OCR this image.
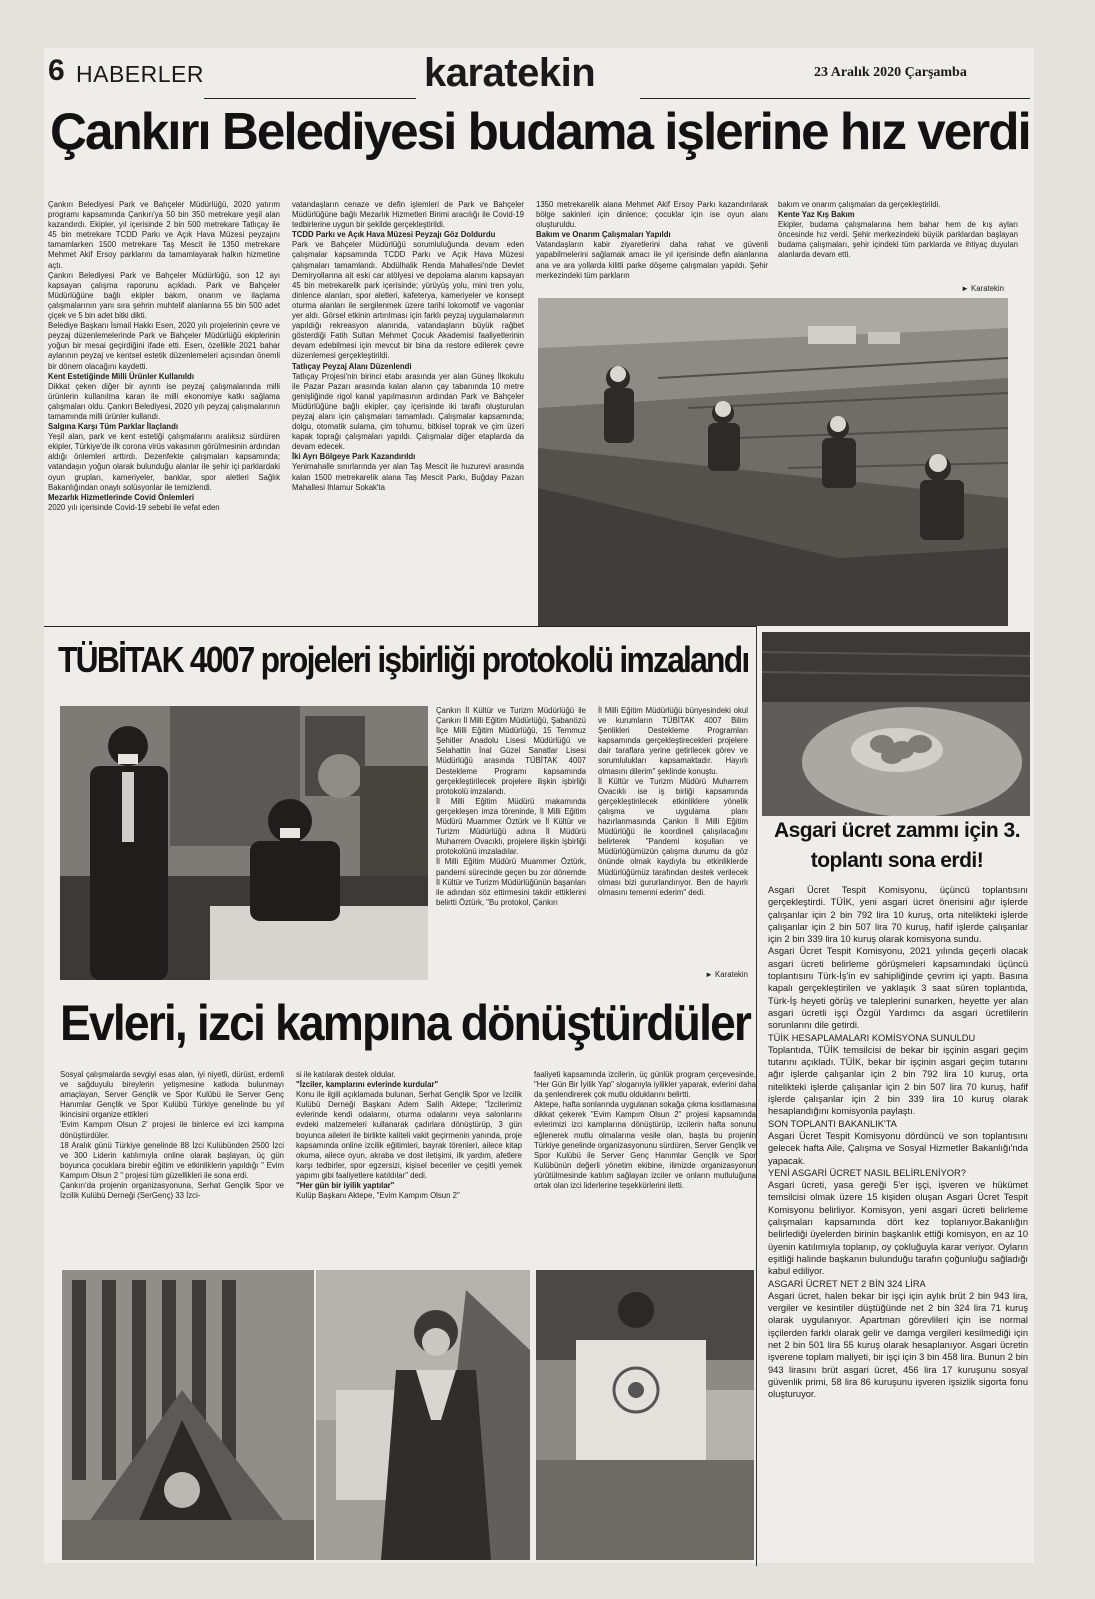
6 HABERLER	karatekin	23 Aralık 2020 Çarşamba
Çankırı Belediyesi budama işlerine hız verdi

Çankırı Belediyesi Park ve Bahçeler Müdürlüğü, 2020 yatırım programı kapsamında Çankırı'ya 50 bin 350 metrekare yeşil alan kazandırdı. Ekipler, yıl içerisinde 2 bin 500 metrekare Tatlıçay ile 45 bin metrekare TCDD Parkı ve Açık Hava Müzesi peyzajını tamamlarken 1500 metrekare Taş Mescit ile 1350 metrekare Mehmet Akif Ersoy parklarını da tamamlayarak halkın hizmetine açtı.

Çankırı Belediyesi Park ve Bahçeler Müdürlüğü, son 12 ayı kapsayan çalışma raporunu açıkladı. Park ve Bahçeler Müdürlüğüne bağlı ekipler bakım, onarım ve ilaçlama çalışmalarının yanı sıra şehrin muhtelif alanlarına 55 bin 500 adet çiçek ve 5 bin adet bitki dikti.

Belediye Başkanı İsmail Hakkı Esen, 2020 yılı projelerinin çevre ve peyzaj düzenlemelerinde Park ve Bahçeler Müdürlüğü ekiplerinin yoğun bir mesai geçirdiğini ifade etti. Esen, özellikle 2021 bahar aylarının peyzaj ve kentsel estetik düzenlemeleri açısından önemli bir dönem olacağını kaydetti.

Kent Estetiğinde Milli Ürünler Kullanıldı

Dikkat çeken diğer bir ayrıntı ise peyzaj çalışmalarında milli ürünlerin kullanılma karan ile milli ekonomiye katkı sağlama çalışmaları oldu. Çankırı Belediyesi, 2020 yılı peyzaj çalışmalarının tamamında milli ürünler kullandı.

Salgına Karşı Tüm Parklar İlaçlandı

Yeşil alan, park ve kent estetiği çalışmalarını aralıksız sürdüren ekipler, Türkiye'de ilk corona virüs vakasının görülmesinin ardından aldığı önlemleri arttırdı. Dezenfekte çalışmaları kapsamında; vatandaşın yoğun olarak bulunduğu alanlar ile şehir içi parklardaki oyun grupları, kameriyeler, banklar, spor aletleri Sağlık Bakanlığından onaylı solüsyonlar ile temizlendi.

Mezarlık Hizmetlerinde Covid Önlemleri

2020 yılı içerisinde Covid-19 sebebi ile vefat eden

vatandaşların cenaze ve defin işlemleri de Park ve Bahçeler Müdürlüğüne bağlı Mezarlık Hizmetleri Birimi aracılığı ile Covid-19 tedbirlerine uygun bir şekilde gerçekleştirildi.

TCDD Parkı ve Açık Hava Müzesi Peyzajı Göz Doldurdu

Park ve Bahçeler Müdürlüğü sorumluluğunda devam eden çalışmalar kapsamında TCDD Parkı ve Açık Hava Müzesi çalışmaları tamamlandı. Abdülhalik Renda Mahallesi'nde Devlet Demiryollarına ait eski car atölyesi ve depolama alanını kapsayan 45 bin metrekarelik park içerisinde; yürüyüş yolu, mini tren yolu, dinlence alanları, spor aletleri, kafeterya, kameriyeler ve konsept oturma alanları ile sergilenmek üzere tarihi lokomotif ve vagonlar yer aldı. Görsel etkinin artırılması için farklı peyzaj uygulamalarının yapıldığı rekreasyon alanında, vatandaşların büyük rağbet gösterdiği Fatih Sultan Mehmet Çocuk Akademisi faaliyetlerinin devam edebilmesi için mevcut bir bina da restore edilerek çevre düzenlemesi gerçekleştirildi.

Tatlıçay Peyzaj Alanı Düzenlendi

Tatlıçay Projesi'nin birinci etabı arasında yer alan Güneş İlkokulu ile Pazar Pazarı arasında kalan alanın çay tabanında 10 metre genişliğinde rigol kanal yapılmasının ardından Park ve Bahçeler Müdürlüğüne bağlı ekipler, çay içerisinde iki taraflı oluşturulan peyzaj alanı için çalışmaları tamamladı. Çalışmalar kapsamında; dolgu, otomatik sulama, çim tohumu, bitkisel toprak ve çim üzeri kapak toprağı çalışmaları yapıldı. Çalışmalar diğer etaplarda da devam edecek.

İki Ayrı Bölgeye Park Kazandırıldı

Yenimahalle sınırlarında yer alan Taş Mescit ile huzurevi arasında kalan 1500 metrekarelik alana Taş Mescit Parkı, Buğday Pazarı Mahallesi Ihlamur Sokak'ta

1350 metrekarelik alana Mehmet Akif Ersoy Parkı kazandırılarak bölge sakinleri için dinlence; çocuklar için ise oyun alanı oluşturuldu.

Bakım ve Onarım Çalışmaları Yapıldı

Vatandaşların kabir ziyaretlerini daha rahat ve güvenli yapabilmelerini sağlamak amacı ile yıl içerisinde defin alanlarına ana ve ara yollarda kilitli parke döşeme çalışmaları yapıldı. Şehir merkezindeki tüm parkların

bakım ve onarım çalışmaları da gerçekleştirildi.

Kente Yaz Kış Bakım

Ekipler, budama çalışmalarına hem bahar hem de kış ayları öncesinde hız verdi. Şehir merkezindeki büyük parklardan başlayan budama çalışmaları, şehir içindeki tüm parklarda ve ihtiyaç duyulan alanlarda devam etti.

► Karatekin
TÜBİTAK 4007 projeleri işbirliği protokolü imzalandı

Çankırı İl Kültür ve Turizm Müdürlüğü ile Çankırı İl Milli Eğitim Müdürlüğü, Şabanözü İlçe Milli Eğitim Müdürlüğü, 15 Temmuz Şehitler Anadolu Lisesi Müdürlüğü ve Selahattin İnal Güzel Sanatlar Lisesi Müdürlüğü arasında TÜBİTAK 4007 Destekleme Programı kapsamında gerçekleştirilecek projelere ilişkin işbirliği protokolü imzalandı.

İl Milli Eğitim Müdürü makamında gerçekleşen imza töreninde, İl Milli Eğitim Müdürü Muammer Öztürk ve İl Kültür ve Turizm Müdürlüğü adına İl Müdürü Muharrem Ovacıklı, projelere ilişkin işbirliği protokolünü imzaladılar.

İl Milli Eğitim Müdürü Muammer Öztürk, pandemi sürecinde geçen bu zor dönemde İl Kültür ve Turizm Müdürlüğünün başarıları ile adından söz ettirmesini takdir ettiklerini belirtti Öztürk, "Bu protokol, Çankırı

İl Milli Eğitim Müdürlüğü bünyesindeki okul ve kurumların TÜBİTAK 4007 Bilim Şenlikleri Destekleme Programları kapsamında gerçekleştirecekleri projelere dair taraflara yerine getirilecek görev ve sorumlulukları kapsamaktadır. Hayırlı olmasını dilerim" şeklinde konuştu.

İl Kültür ve Turizm Müdürü Muharrem Ovacıklı ise iş birliği kapsamında gerçekleştirilecek etkinliklere yönelik çalışma ve uygulama planı hazırlanmasında Çankırı İl Milli Eğitim Müdürlüğü ile koordineli çalışılacağını belirterek "Pandemi koşulları ve Müdürlüğümüzün çalışma durumu da göz önünde olmak kaydıyla bu etkinliklerde Müdürlüğümüz tarafından destek verilecek olması bizi gururlandırıyor. Ben de hayırlı olmasını temenni ederim" dedi.

► Karatekin
Evleri, izci kampına dönüştürdüler

Sosyal çalışmalarda sevgiyi esas alan, iyi niyetli, dürüst, erdemli ve sağduyulu bireylerin yetişmesine katkıda bulunmayı amaçlayan, Server Gençlik ve Spor Kulübü ile Server Genç Hanımlar Gençlik ve Spor Kulübü Türkiye genelinde bu yıl ikincisini organize ettikleri

'Evim Kampım Olsun 2' projesi ile binlerce evi izci kampına dönüştürdüler.

18 Aralık günü Türkiye genelinde 88 İzci Kulübünden 2500 İzci ve 300 Liderin katılımıyla online olarak başlayan, üç gün boyunca çocuklara birebir eğitim ve etkinliklerin yapıldığı " Evim Kampım Olsun 2 " projesi tüm güzellikleri ile sona erdi.

Çankırı'da projenin organizasyonuna, Serhat Gençlik Spor ve İzcilik Kulübü Derneği (SerGenç) 33 İzci-

si ile katılarak destek oldular.

"İzciler, kamplarını evlerinde kurdular"

Konu ile ilgili açıklamada bulunan, Serhat Gençlik Spor ve İzcilik Kulübü Derneği Başkanı Adem Salih Aktepe; "İzcilerimiz evlerinde kendi odalarını, oturma odalarını veya salonlarını evdeki malzemeleri kullanarak çadırlara dönüştürüp, 3 gün boyunca aileleri ile birlikte kaliteli vakit geçirmenin yanında, proje kapsamında online izcilik eğitimleri, bayrak törenleri, ailece kitap okuma, ailece oyun, akraba ve dost iletişimi, ilk yardım, afetlere karşı tedbirler, spor egzersizi, kişisel beceriler ve çeşitli yemek yapımı gibi faaliyetlere katıldılar" dedi.

"Her gün bir iyilik yaptılar"

Kulüp Başkanı Aktepe, "Evim Kampım Olsun 2"

faaliyeti kapsamında izcilerin, üç günlük program çerçevesinde, "Her Gün Bir İyilik Yap" sloganıyla iyilikler yaparak, evlerini daha da şenlendirerek çok mutlu olduklarını belirtti.

Aktepe, hafta sonlarında uygulanan sokağa çıkma kısıtlamasına dikkat çekerek "Evim Kampım Olsun 2" projesi kapsamında evlerimizi izci kamplarına dönüştürüp, izcilerin hafta sonunu eğlenerek mutlu olmalarına vesile olan, başta bu projenin Türkiye genelinde organizasyonunu sürdüren, Server Gençlik ve Spor Kulübü ile Server Genç Hanımlar Gençlik ve Spor Kulübünün değerli yönetim ekibine, ilimizde organizasyonun yürütülmesinde katılım sağlayan izciler ve onların mutluluğuna ortak olan izci liderlerine teşekkürlerini iletti.

Asgari ücret zammı için 3. toplantı sona erdi!

Asgari Ücret Tespit Komisyonu, üçüncü toplantısını gerçekleştirdi. TÜİK, yeni asgari ücret önerisini ağır işlerde çalışanlar için 2 bin 792 lira 10 kuruş, orta nitelikteki işlerde çalışanlar için 2 bin 507 lira 70 kuruş, hafif işlerde çalışanlar için 2 bin 339 lira 10 kuruş olarak komisyona sundu.

Asgari Ücret Tespit Komisyonu, 2021 yılında geçerli olacak asgari ücreti belirleme görüşmeleri kapsamındaki üçüncü toplantısını Türk-İş'in ev sahipliğinde çevrim içi yaptı. Basına kapalı gerçekleştirilen ve yaklaşık 3 saat süren toplantıda, Türk-İş heyeti görüş ve taleplerini sunarken, heyette yer alan asgari ücretli işçi Özgül Yardımcı da asgari ücretlilerin sorunlarını dile getirdi.

TÜİK HESAPLAMALARI KOMİSYONA SUNULDU

Toplantıda, TÜİK temsilcisi de bekar bir işçinin asgari geçim tutarını açıkladı. TÜİK, bekar bir işçinin asgari geçim tutarını ağır işlerde çalışanlar için 2 bin 792 lira 10 kuruş, orta nitelikteki işlerde çalışanlar için 2 bin 507 lira 70 kuruş, hafif işlerde çalışanlar için 2 bin 339 lira 10 kuruş olarak hesaplandığını komisyonla paylaştı.

SON TOPLANTI BAKANLIK'TA

Asgari Ücret Tespit Komisyonu dördüncü ve son toplantısını gelecek hafta Aile, Çalışma ve Sosyal Hizmetler Bakanlığı'nda yapacak.

YENİ ASGARİ ÜCRET NASIL BELİRLENİYOR?

Asgari ücreti, yasa gereği 5'er işçi, işveren ve hükümet temsilcisi olmak üzere 15 kişiden oluşan Asgari Ücret Tespit Komisyonu belirliyor. Komisyon, yeni asgari ücreti belirleme çalışmaları kapsamında dört kez toplanıyor.Bakanlığın belirlediği üyelerden birinin başkanlık ettiği komisyon, en az 10 üyenin katılımıyla toplanıp, oy çokluğuyla karar veriyor. Oyların eşitliği halinde başkanın bulunduğu tarafın çoğunluğu sağladığı kabul ediliyor.

ASGARİ ÜCRET NET 2 BİN 324 LİRA

Asgari ücret, halen bekar bir işçi için aylık brüt 2 bin 943 lira, vergiler ve kesintiler düştüğünde net 2 bin 324 lira 71 kuruş olarak uygulanıyor. Apartman görevlileri için ise normal işçilerden farklı olarak gelir ve damga vergileri kesilmediği için net 2 bin 501 lira 55 kuruş olarak hesaplanıyor. Asgari ücretin işverene toplam maliyeti, bir işçi için 3 bin 458 lira. Bunun 2 bin 943 lirasını brüt asgari ücret, 456 lira 17 kuruşunu sosyal güvenlik primi, 58 lira 86 kuruşunu işveren işsizlik sigorta fonu oluşturuyor.
